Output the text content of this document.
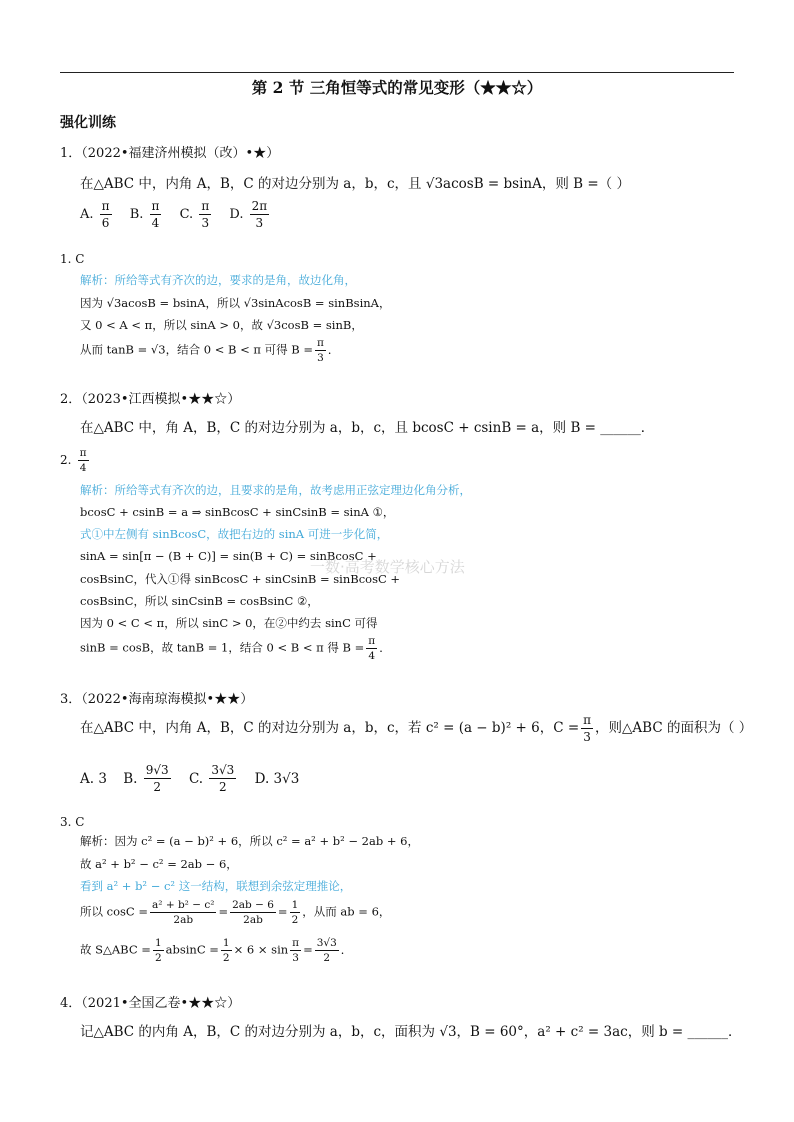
第 2 节 三角恒等式的常见变形（★★☆）
强化训练
1．（2022•福建济州模拟（改）•★）
在△ABC 中，内角 A，B，C 的对边分别为 a，b，c，且 √3acosB = bsinA，则 B =（ ）
A.
$\frac{\pi}{6}$
B.
$\frac{\pi}{4}$
C.
$\frac{\pi}{3}$
D.
$\frac{2\pi}{3}$
1. C
解析：所给等式有齐次的边，要求的是角，故边化角，
因为 √3acosB = bsinA，所以 √3sinAcosB = sinBsinA，
又 0 < A < π，所以 sinA > 0，故 √3cosB = sinB，
从而 tanB = √3，结合 0 < B < π 可得 $B = \frac{\pi}{3}$ ．
2．（2023•江西模拟•★★☆）
在△ABC 中，角 A，B，C 的对边分别为 a，b，c，且 bcosC + csinB = a，则 B = ______．
2. $\frac{\pi}{4}$
解析：所给等式有齐次的边，且要求的是角，故考虑用正弦定理边化角分析，
bcosC + csinB = a ⇒ sinBcosC + sinCsinB = sinA ①，
式①中左侧有 sinBcosC，故把右边的 sinA 可进一步化简，
sinA = sin[π − (B + C)] = sin(B + C) = sinBcosC +
一数·高考数学核心方法
cosBsinC，代入①得 sinBcosC + sinCsinB = sinBcosC +
cosBsinC，所以 sinCsinB = cosBsinC ②，
因为 0 < C < π，所以 sinC > 0，在②中约去 sinC 可得
sinB = cosB，故 tanB = 1，结合 0 < B < π 得 $B = \frac{\pi}{4}$ ．
3．（2022•海南琼海模拟•★★）
在△ABC 中，内角 A，B，C 的对边分别为 a，b，c，若 c² = (a − b)² + 6，$C = \frac{\pi}{3}$ ，则△ABC 的面积为（ ）
A. 3 B.
$\frac{9√3}{2}$
C.
$\frac{3√3}{2} D$. 3√3
3. C
解析：因为 c² = (a − b)² + 6，所以 c² = a² + b² − 2ab + 6，
故 a² + b² − c² = 2ab − 6，
看到 a² + b² − c² 这一结构，联想到余弦定理推论，
所以 $\cos C = \frac{\text{a² + b² − c²}}{2ab} = \frac{2ab - 6}{2ab} = \frac{1}{2}$ ，从而 ab = 6，
故 S△ABC = $\frac{1}{2}$ $absinC = \frac{1}{2} \times 6 \times \sin \frac{\pi}{3} = \frac{3√3}{2}$ ．
4．（2021•全国乙卷•★★☆）
记△ABC 的内角 A，B，C 的对边分别为 a，b，c，面积为 √3，B = 60°，a² + c² = 3ac，则 b = ______．
